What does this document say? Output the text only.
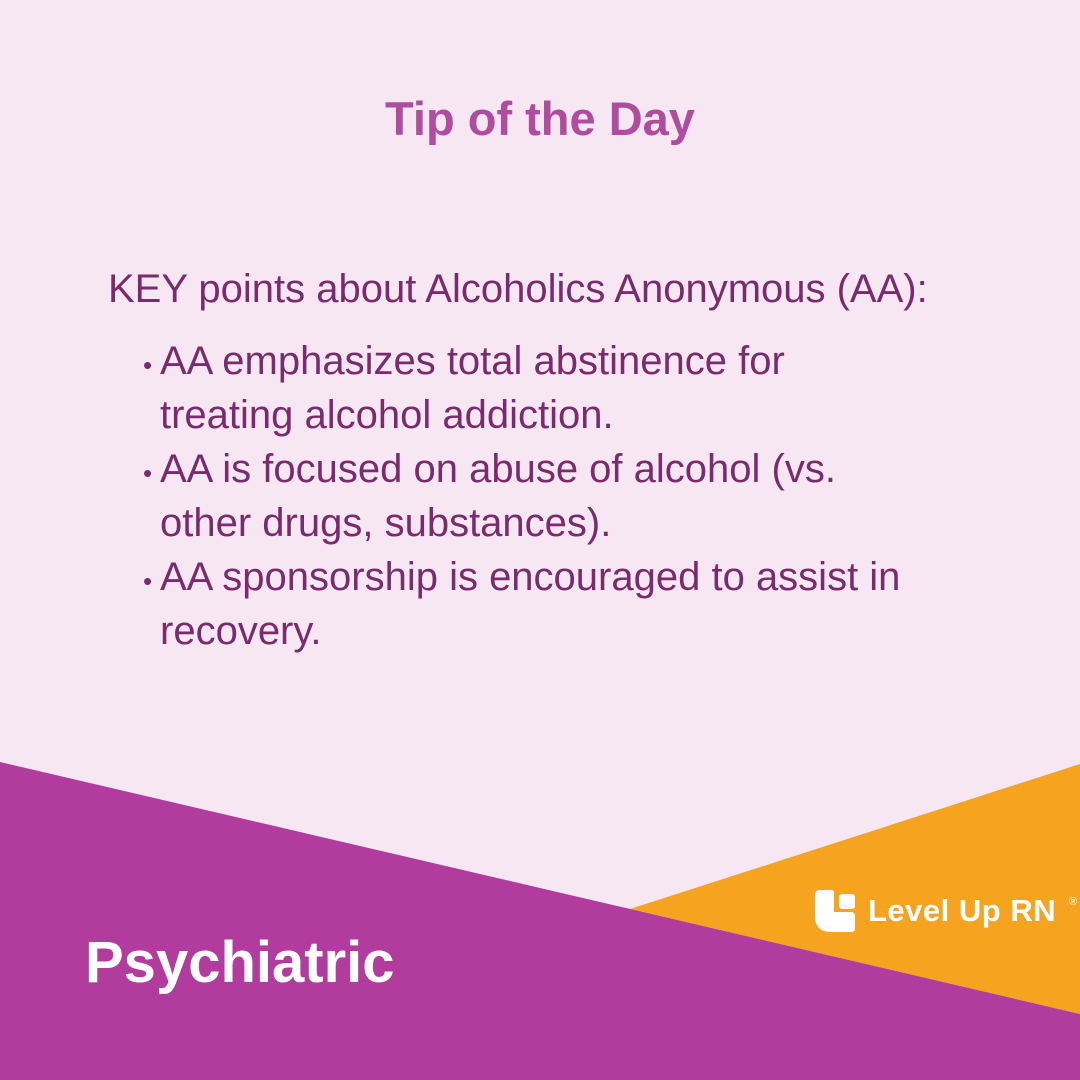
Tip of the Day

KEY points about Alcoholics Anonymous (AA):

• AA emphasizes total abstinence for treating alcohol addiction.
• AA is focused on abuse of alcohol (vs. other drugs, substances).
• AA sponsorship is encouraged to assist in recovery.
Level Up RN ®
Psychiatric
